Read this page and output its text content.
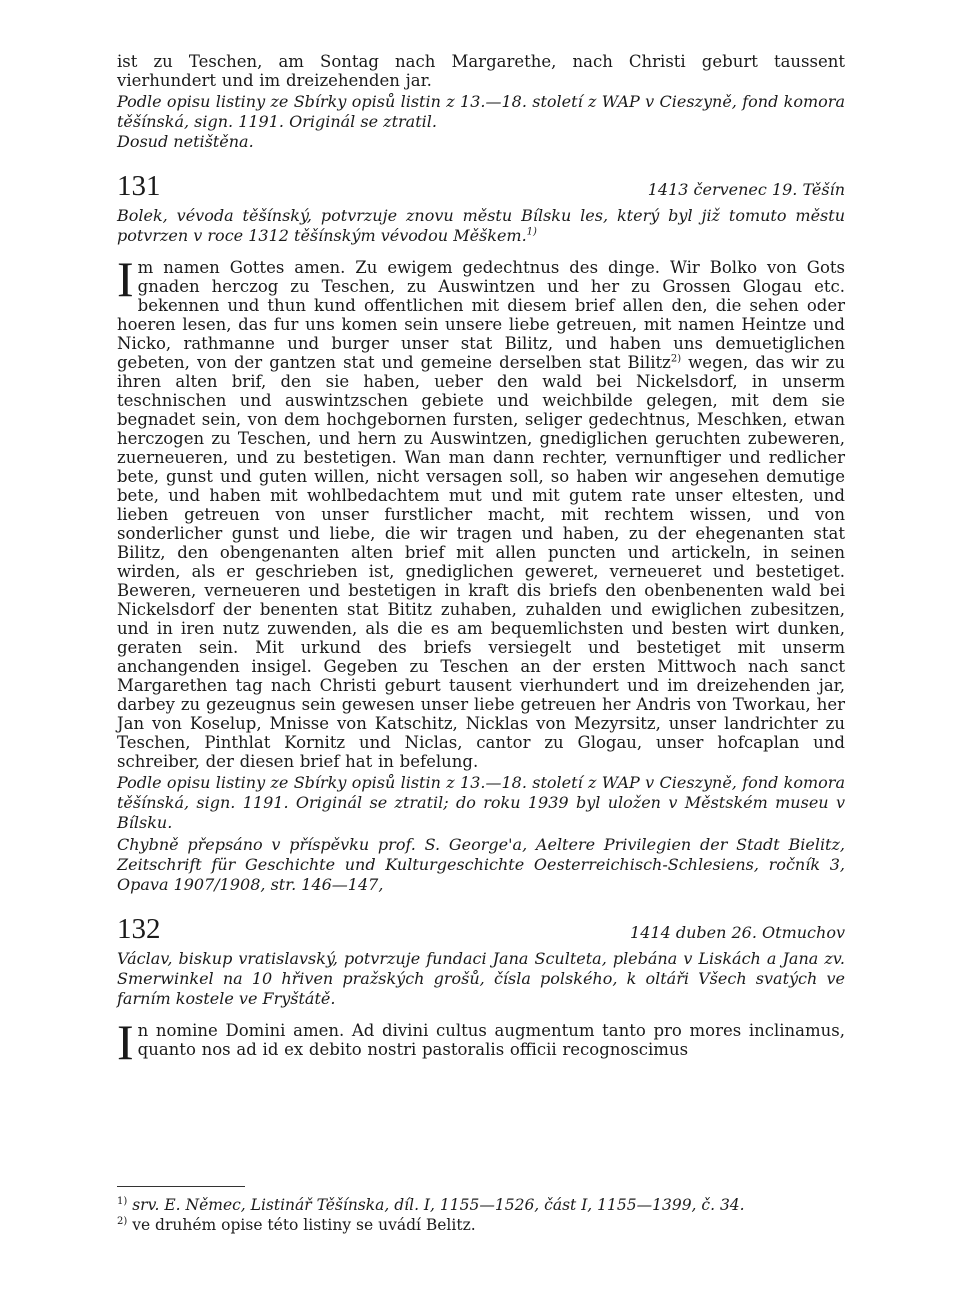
ist zu Teschen, am Sontag nach Margarethe, nach Christi geburt taussent vierhundert und im dreizehenden jar.

Podle opisu listiny ze Sbírky opisů listin z 13.—18. století z WAP v Cieszyně, fond komora těšínská, sign. 1191. Originál se ztratil.

Dosud netištěna.

131	1413 červenec 19. Těšín

Bolek, vévoda těšínský, potvrzuje znovu městu Bílsku les, který byl již tomuto městu potvrzen v roce 1312 těšínským vévodou Měškem.$^{1)}$

Im namen Gottes amen. Zu ewigem gedechtnus des dinge. Wir Bolko von Gots gnaden herczog zu Teschen, zu Auswintzen und her zu Grossen Glogau etc. bekennen und thun kund offentlichen mit diesem brief allen den, die sehen oder hoeren lesen, das fur uns komen sein unsere liebe getreuen, mit namen Heintze und Nicko, rathmanne und burger unser stat Bilitz, und haben uns demuetiglichen gebeten, von der gantzen stat und gemeine derselben stat Bilitz$^{2)}$ wegen, das wir zu ihren alten brif, den sie haben, ueber den wald bei Nickelsdorf, in unserm teschnischen und auswintzschen gebiete und weichbilde gelegen, mit dem sie begnadet sein, von dem hochgebornen fursten, seliger gedechtnus, Meschken, etwan herczogen zu Teschen, und hern zu Auswintzen, gnediglichen geruchten zubeweren, zuerneueren, und zu bestetigen. Wan man dann rechter, vernunftiger und redlicher bete, gunst und guten willen, nicht versagen soll, so haben wir angesehen demutige bete, und haben mit wohlbedachtem mut und mit gutem rate unser eltesten, und lieben getreuen von unser furstlicher macht, mit rechtem wissen, und von sonderlicher gunst und liebe, die wir tragen und haben, zu der ehegenanten stat Bilitz, den obengenanten alten brief mit allen puncten und artickeln, in seinen wirden, als er geschrieben ist, gnediglichen geweret, verneueret und bestetiget. Beweren, verneueren und bestetigen in kraft dis briefs den obenbenenten wald bei Nickelsdorf der benenten stat Bititz zuhaben, zuhalden und ewiglichen zubesitzen, und in iren nutz zuwenden, als die es am bequemlichsten und besten wirt dunken, geraten sein. Mit urkund des briefs versiegelt und bestetiget mit unserm anchangenden insigel. Gegeben zu Teschen an der ersten Mittwoch nach sanct Margarethen tag nach Christi geburt tausent vierhundert und im dreizehenden jar, darbey zu gezeugnus sein gewesen unser liebe getreuen her Andris von Tworkau, her Jan von Koselup, Mnisse von Katschitz, Nicklas von Mezyrsitz, unser landrichter zu Teschen, Pinthlat Kornitz und Niclas, cantor zu Glogau, unser hofcaplan und schreiber, der diesen brief hat in befelung.

Podle opisu listiny ze Sbírky opisů listin z 13.—18. století z WAP v Cieszyně, fond komora těšínská, sign. 1191. Originál se ztratil; do roku 1939 byl uložen v Městském museu v Bílsku.

Chybně přepsáno v příspěvku prof. S. George'a, Aeltere Privilegien der Stadt Bielitz, Zeitschrift für Geschichte und Kulturgeschichte Oesterreichisch-Schlesiens, ročník 3, Opava 1907/1908, str. 146—147,

132	1414 duben 26. Otmuchov

Václav, biskup vratislavský, potvrzuje fundaci Jana Sculteta, plebána v Liskách a Jana zv. Smerwinkel na 10 hřiven pražských grošů, čísla polského, k oltáři Všech svatých ve farním kostele ve Fryštátě.

In nomine Domini amen. Ad divini cultus augmentum tanto pro mores inclinamus, quanto nos ad id ex debito nostri pastoralis officii recognoscimus

$^{1)}$ srv. E. Němec, Listinář Těšínska, díl. I, 1155—1526, část I, 1155—1399, č. 34.

$^{2)}$ ve druhém opise této listiny se uvádí Belitz.
